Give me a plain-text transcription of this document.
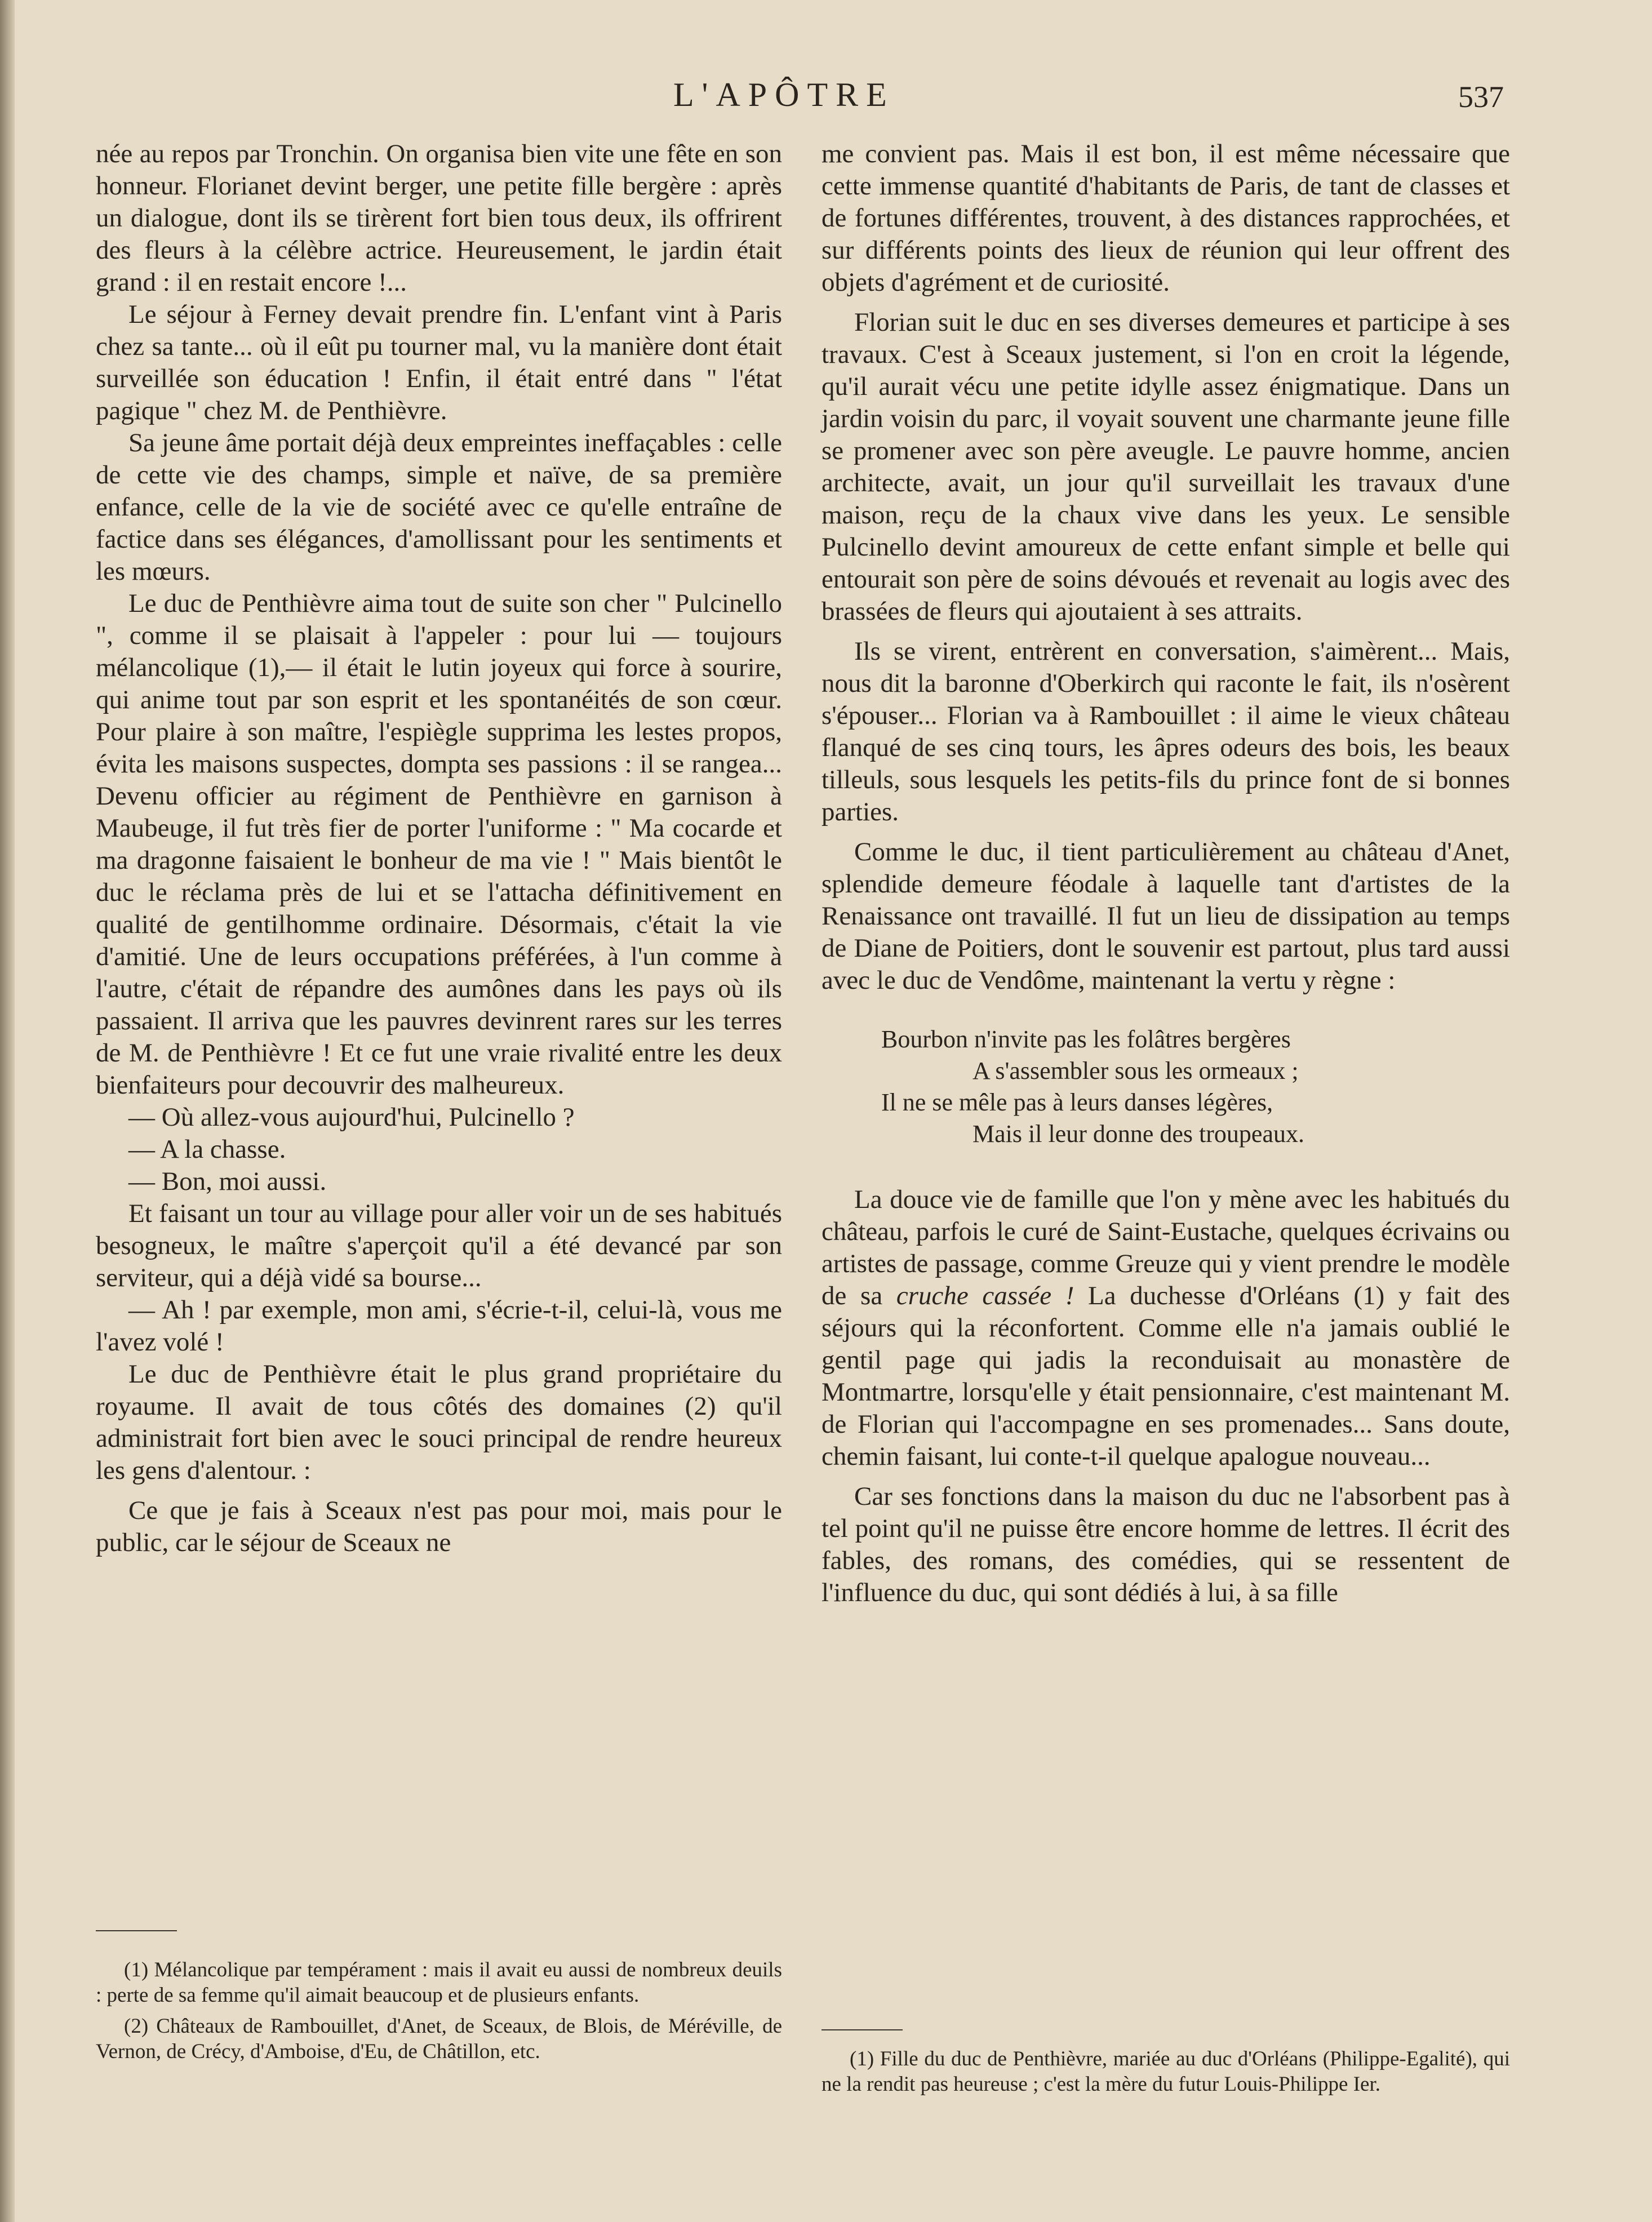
L'APÔTRE	537

née au repos par Tronchin. On organisa bien vite une fête en son honneur. Florianet devint berger, une petite fille bergère : après un dialogue, dont ils se tirèrent fort bien tous deux, ils offrirent des fleurs à la célèbre actrice. Heureusement, le jardin était grand : il en restait encore !...

Le séjour à Ferney devait prendre fin. L'enfant vint à Paris chez sa tante... où il eût pu tourner mal, vu la manière dont était surveillée son éducation ! Enfin, il était entré dans " l'état pagique " chez M. de Penthièvre.

Sa jeune âme portait déjà deux empreintes ineffaçables : celle de cette vie des champs, simple et naïve, de sa première enfance, celle de la vie de société avec ce qu'elle entraîne de factice dans ses élégances, d'amollissant pour les sentiments et les mœurs.

Le duc de Penthièvre aima tout de suite son cher " Pulcinello ", comme il se plaisait à l'appeler : pour lui — toujours mélancolique (1),— il était le lutin joyeux qui force à sourire, qui anime tout par son esprit et les spontanéités de son cœur. Pour plaire à son maître, l'espiègle supprima les lestes propos, évita les maisons suspectes, dompta ses passions : il se rangea... Devenu officier au régiment de Penthièvre en garnison à Maubeuge, il fut très fier de porter l'uniforme : " Ma cocarde et ma dragonne faisaient le bonheur de ma vie ! " Mais bientôt le duc le réclama près de lui et se l'attacha définitivement en qualité de gentilhomme ordinaire. Désormais, c'était la vie d'amitié. Une de leurs occupations préférées, à l'un comme à l'autre, c'était de répandre des aumônes dans les pays où ils passaient. Il arriva que les pauvres devinrent rares sur les terres de M. de Penthièvre ! Et ce fut une vraie rivalité entre les deux bienfaiteurs pour decouvrir des malheureux.

— Où allez-vous aujourd'hui, Pulcinello ?

— A la chasse.

— Bon, moi aussi.

Et faisant un tour au village pour aller voir un de ses habitués besogneux, le maître s'aperçoit qu'il a été devancé par son serviteur, qui a déjà vidé sa bourse...

— Ah ! par exemple, mon ami, s'écrie-t-il, celui-là, vous me l'avez volé !

Le duc de Penthièvre était le plus grand propriétaire du royaume. Il avait de tous côtés des domaines (2) qu'il administrait fort bien avec le souci principal de rendre heureux les gens d'alentour. :

Ce que je fais à Sceaux n'est pas pour moi, mais pour le public, car le séjour de Sceaux ne

(1) Mélancolique par tempérament : mais il avait eu aussi de nombreux deuils : perte de sa femme qu'il aimait beaucoup et de plusieurs enfants.

(2) Châteaux de Rambouillet, d'Anet, de Sceaux, de Blois, de Méréville, de Vernon, de Crécy, d'Amboise, d'Eu, de Châtillon, etc.

me convient pas. Mais il est bon, il est même nécessaire que cette immense quantité d'habitants de Paris, de tant de classes et de fortunes différentes, trouvent, à des distances rapprochées, et sur différents points des lieux de réunion qui leur offrent des objets d'agrément et de curiosité.

Florian suit le duc en ses diverses demeures et participe à ses travaux. C'est à Sceaux justement, si l'on en croit la légende, qu'il aurait vécu une petite idylle assez énigmatique. Dans un jardin voisin du parc, il voyait souvent une charmante jeune fille se promener avec son père aveugle. Le pauvre homme, ancien architecte, avait, un jour qu'il surveillait les travaux d'une maison, reçu de la chaux vive dans les yeux. Le sensible Pulcinello devint amoureux de cette enfant simple et belle qui entourait son père de soins dévoués et revenait au logis avec des brassées de fleurs qui ajoutaient à ses attraits.

Ils se virent, entrèrent en conversation, s'aimèrent... Mais, nous dit la baronne d'Oberkirch qui raconte le fait, ils n'osèrent s'épouser... Florian va à Rambouillet : il aime le vieux château flanqué de ses cinq tours, les âpres odeurs des bois, les beaux tilleuls, sous lesquels les petits-fils du prince font de si bonnes parties.

Comme le duc, il tient particulièrement au château d'Anet, splendide demeure féodale à laquelle tant d'artistes de la Renaissance ont travaillé. Il fut un lieu de dissipation au temps de Diane de Poitiers, dont le souvenir est partout, plus tard aussi avec le duc de Vendôme, maintenant la vertu y règne :

Bourbon n'invite pas les folâtres bergères
A s'assembler sous les ormeaux ;
Il ne se mêle pas à leurs danses légères,
Mais il leur donne des troupeaux.

La douce vie de famille que l'on y mène avec les habitués du château, parfois le curé de Saint-Eustache, quelques écrivains ou artistes de passage, comme Greuze qui y vient prendre le modèle de sa cruche cassée ! La duchesse d'Orléans (1) y fait des séjours qui la réconfortent. Comme elle n'a jamais oublié le gentil page qui jadis la reconduisait au monastère de Montmartre, lorsqu'elle y était pensionnaire, c'est maintenant M. de Florian qui l'accompagne en ses promenades... Sans doute, chemin faisant, lui conte-t-il quelque apalogue nouveau...

Car ses fonctions dans la maison du duc ne l'absorbent pas à tel point qu'il ne puisse être encore homme de lettres. Il écrit des fables, des romans, des comédies, qui se ressentent de l'influence du duc, qui sont dédiés à lui, à sa fille

(1) Fille du duc de Penthièvre, mariée au duc d'Orléans (Philippe-Egalité), qui ne la rendit pas heureuse ; c'est la mère du futur Louis-Philippe Ier.
